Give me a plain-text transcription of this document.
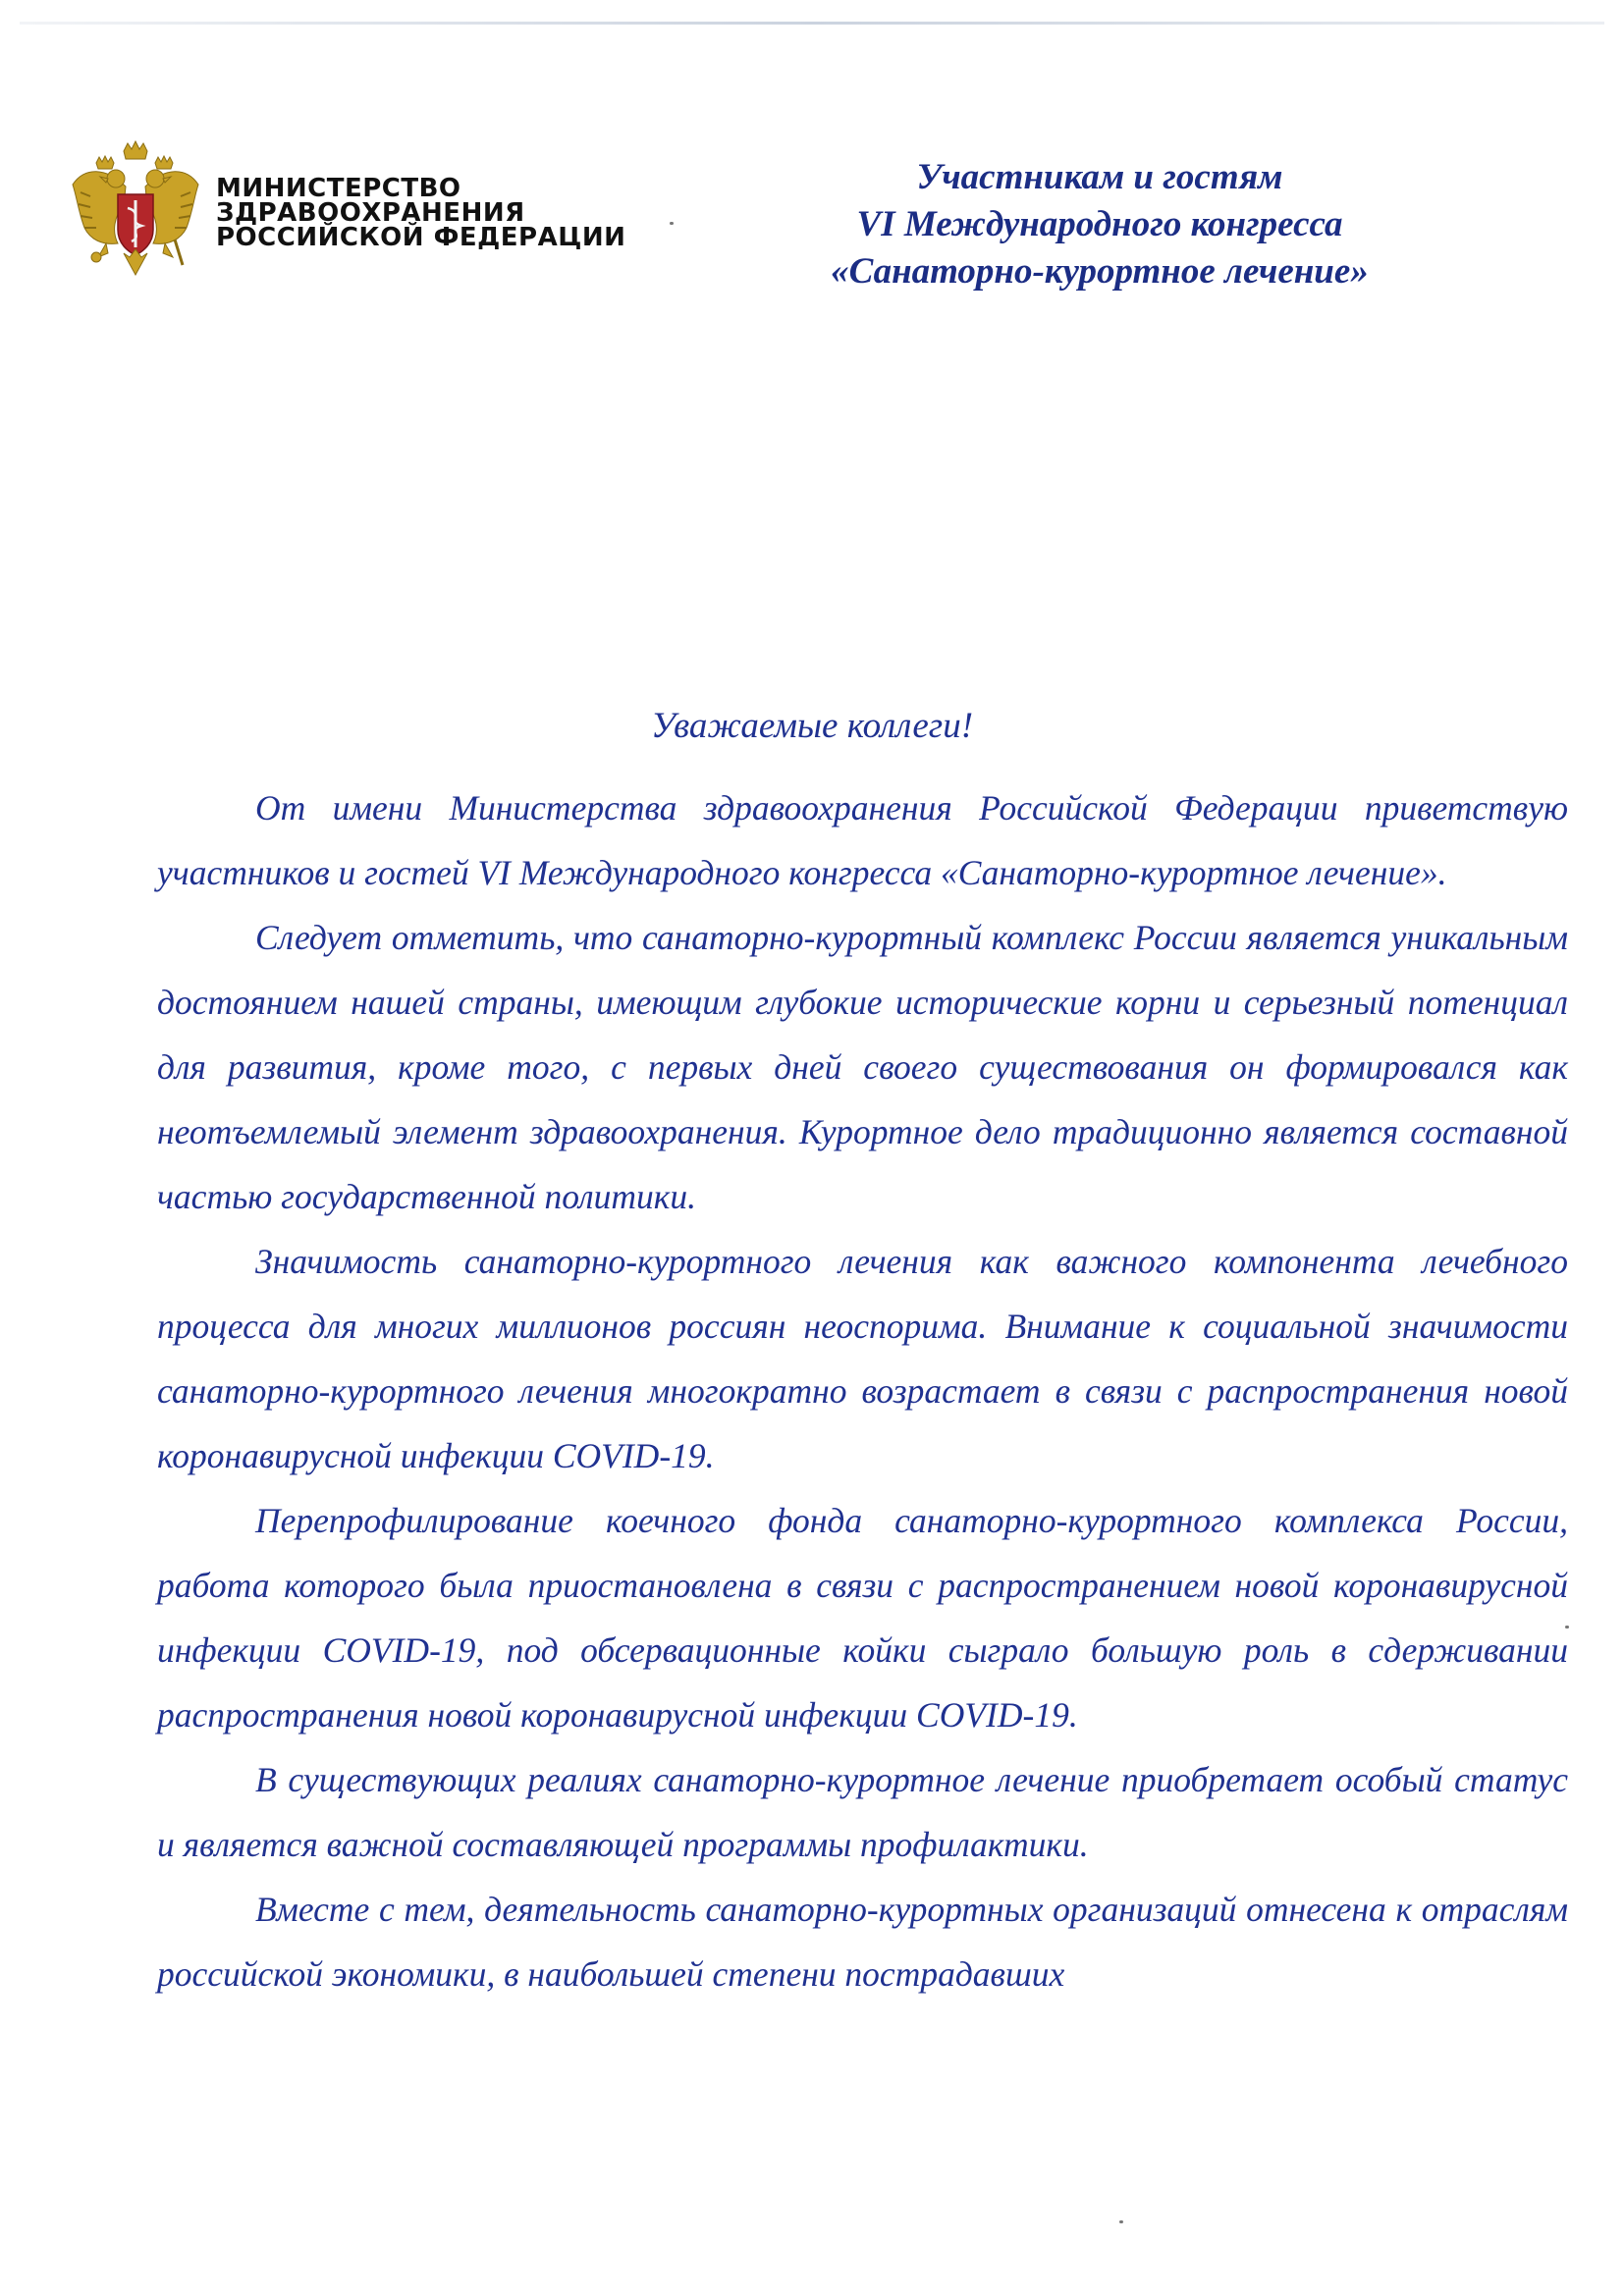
МИНИСТЕРСТВО
ЗДРАВООХРАНЕНИЯ
РОССИЙСКОЙ ФЕДЕРАЦИИ
Участникам и гостям
VI Международного конгресса
«Санаторно-курортное лечение»
Уважаемые коллеги!

От имени Министерства здравоохранения Российской Федерации приветствую участников и гостей VI Международного конгресса «Санаторно-курортное лечение».

Следует отметить, что санаторно-курортный комплекс России является уникальным достоянием нашей страны, имеющим глубокие исторические корни и серьезный потенциал для развития, кроме того, с первых дней своего существования он формировался как неотъемлемый элемент здравоохранения. Курортное дело традиционно является составной частью государственной политики.

Значимость санаторно-курортного лечения как важного компонента лечебного процесса для многих миллионов россиян неоспорима. Внимание к социальной значимости санаторно-курортного лечения многократно возрастает в связи с распространения новой коронавирусной инфекции COVID-19.

Перепрофилирование коечного фонда санаторно-курортного комплекса России, работа которого была приостановлена в связи с распространением новой коронавирусной инфекции COVID-19, под обсервационные койки сыграло большую роль в сдерживании распространения новой коронавирусной инфекции COVID-19.

В существующих реалиях санаторно-курортное лечение приобретает особый статус и является важной составляющей программы профилактики.

Вместе с тем, деятельность санаторно-курортных организаций отнесена к отраслям российской экономики, в наибольшей степени пострадавших
